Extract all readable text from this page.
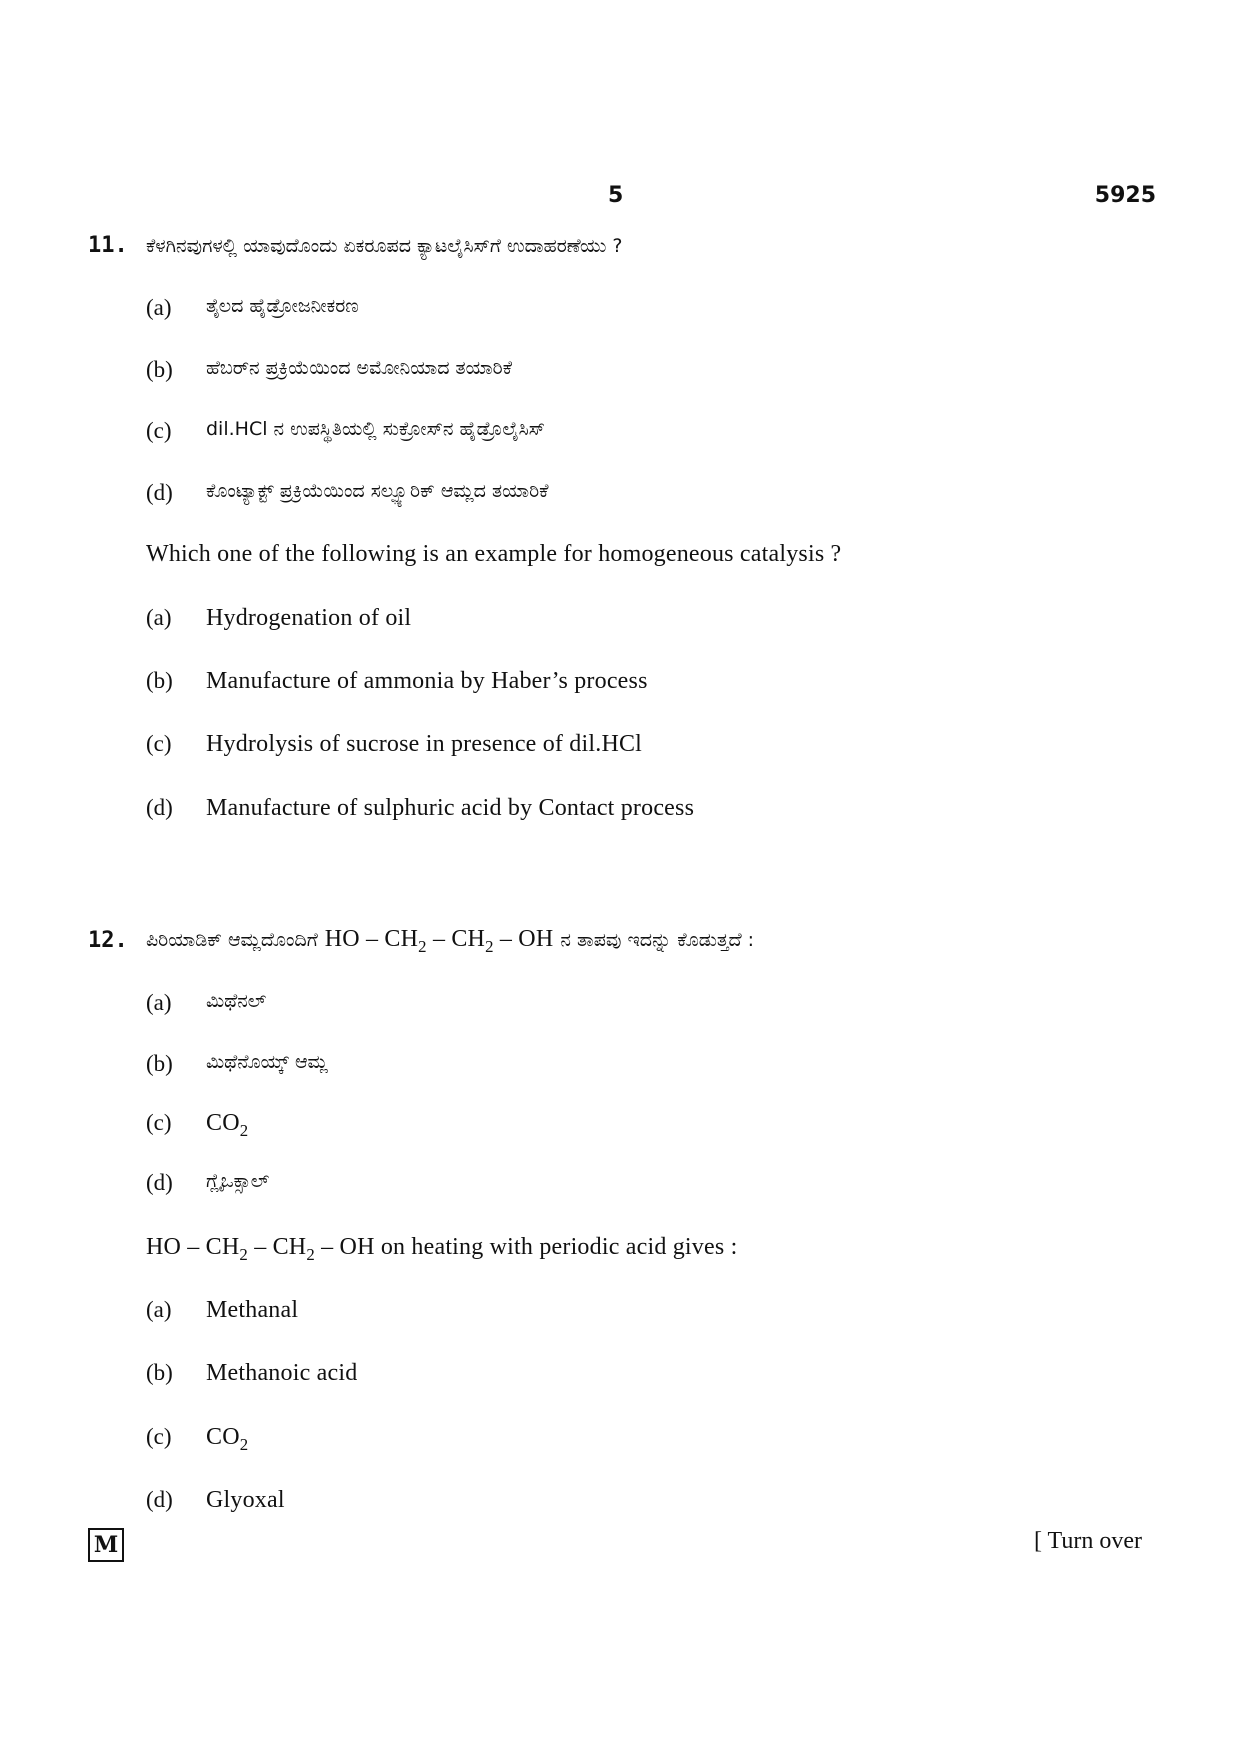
5	5925
11. ಕೆಳಗಿನವುಗಳಲ್ಲಿ ಯಾವುದೊಂದು ಏಕರೂಪದ ಕ್ಯಾಟಲೈಸಿಸ್‌ಗೆ ಉದಾಹರಣೆಯು ?
(a) ತೈಲದ ಹೈಡ್ರೋಜನೀಕರಣ
(b) ಹೆಬರ್‌ನ ಪ್ರಕ್ರಿಯೆಯಿಂದ ಅಮೋನಿಯಾದ ತಯಾರಿಕೆ
(c) dil.HCl ನ ಉಪಸ್ಥಿತಿಯಲ್ಲಿ ಸುಕ್ರೋಸ್‌ನ ಹೈಡ್ರೊಲೈಸಿಸ್
(d) ಕೊಂಟ್ಯಾಕ್ಟ್ ಪ್ರಕ್ರಿಯೆಯಿಂದ ಸಲ್ಫ್ಯೂರಿಕ್ ಆಮ್ಲದ ತಯಾರಿಕೆ
Which one of the following is an example for homogeneous catalysis ?
(a) Hydrogenation of oil
(b) Manufacture of ammonia by Haber’s process
(c) Hydrolysis of sucrose in presence of dil.HCl
(d) Manufacture of sulphuric acid by Contact process
12. ಪಿರಿಯಾಡಿಕ್ ಆಮ್ಲದೊಂದಿಗೆ HO – $CH_2 - CH_2$ – OH ನ ತಾಪವು ಇದನ್ನು ಕೊಡುತ್ತದೆ :
(a) ಮಿಥೆನಲ್
(b) ಮಿಥೆನೊಯ್ಕ್ ಆಮ್ಲ
(c) $CO_2$
(d) ಗ್ಲೈಒಕ್ಸಾಲ್
HO – $CH_2 - CH_2$ – OH on heating with periodic acid gives :
(a) Methanal
(b) Methanoic acid
(c) $CO_2$
(d) Glyoxal
M	[ Turn over
